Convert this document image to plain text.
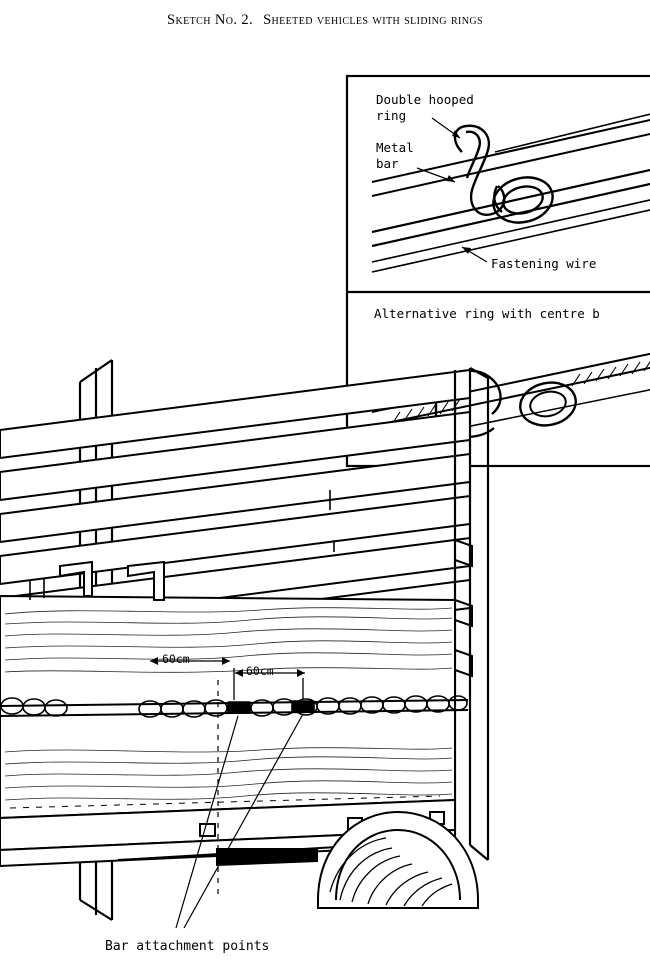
Sketch No. 2. Sheeted vehicles with sliding rings
Double hooped
ring
Metal
bar
Fastening wire
Alternative ring with centre b
60cm
60cm
Bar attachment points
